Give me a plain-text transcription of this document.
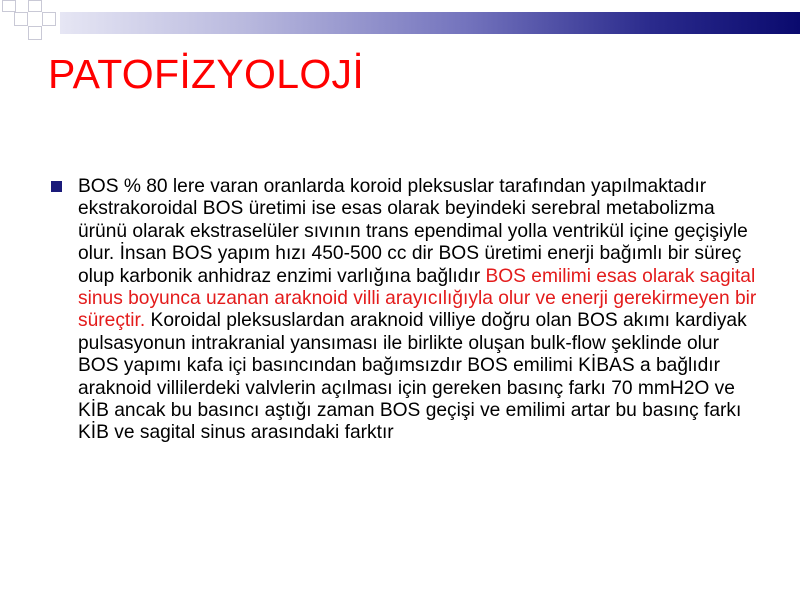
PATOFİZYOLOJİ
BOS % 80 lere varan oranlarda koroid pleksuslar tarafından yapılmaktadır ekstrakoroidal BOS üretimi ise esas olarak beyindeki serebral metabolizma ürünü olarak ekstraselüler sıvının trans ependimal yolla ventrikül içine geçişiyle olur. İnsan BOS yapım hızı 450-500 cc dir BOS üretimi enerji bağımlı bir süreç olup karbonik anhidraz enzimi varlığına bağlıdır BOS emilimi esas olarak sagital sinus boyunca uzanan araknoid villi arayıcılığıyla olur ve enerji gerekirmeyen bir süreçtir. Koroidal pleksuslardan araknoid villiye doğru olan BOS akımı kardiyak pulsasyonun intrakranial yansıması ile birlikte oluşan bulk-flow şeklinde olur BOS yapımı kafa içi basıncından bağımsızdır BOS emilimi KİBAS a bağlıdır araknoid villilerdeki valvlerin açılması için gereken basınç farkı 70 mmH2O ve KİB ancak bu basıncı aştığı zaman BOS geçişi ve emilimi artar bu basınç farkı KİB ve sagital sinus arasındaki farktır
